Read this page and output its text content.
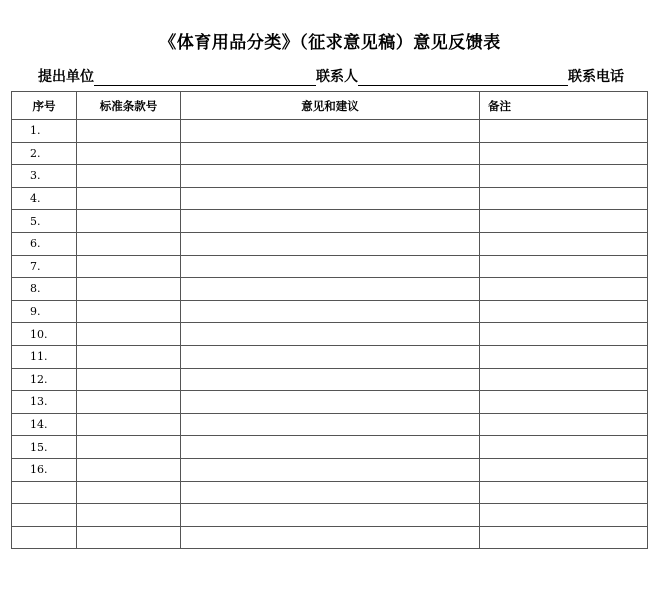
《体育用品分类》（征求意见稿）意见反馈表
提出单位	联系人	联系电话
序号	标准条款号	意见和建议	备注
1.			
2.			
3.			
4.			
5.			
6.			
7.			
8.			
9.			
10.			
11.			
12.			
13.			
14.			
15.			
16.			
